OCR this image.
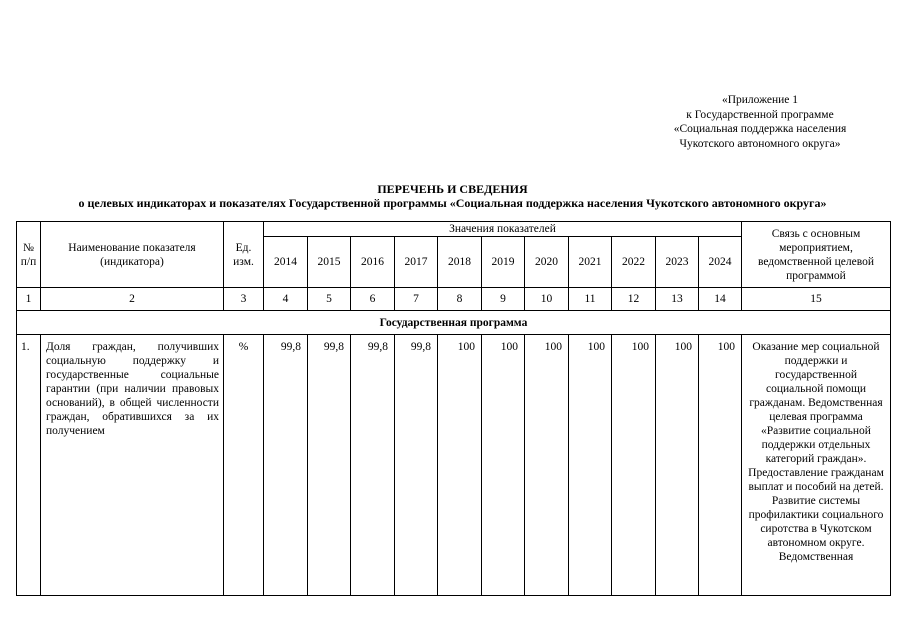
«Приложение 1
к Государственной программе
«Социальная поддержка населения
Чукотского автономного округа»
ПЕРЕЧЕНЬ И СВЕДЕНИЯ
о целевых индикаторах и показателях Государственной программы «Социальная поддержка населения Чукотского автономного округа»
№ п/п	Наименование показателя (индикатора)	Ед. изм.	Значения показателей											Связь с основным мероприятием, ведомственной целевой программой
			2014	2015	2016	2017	2018	2019	2020	2021	2022	2023	2024	
1	2	3	4	5	6	7	8	9	10	11	12	13	14	15
Государственная программа														
1.	Доля граждан, получивших социальную поддержку и государственные социальные гарантии (при наличии правовых оснований), в общей численности граждан, обратившихся за их получением	%	99,8	99,8	99,8	99,8	100	100	100	100	100	100	100	Оказание мер социальной поддержки и государственной социальной помощи гражданам. Ведомственная целевая программа «Развитие социальной поддержки отдельных категорий граждан». Предоставление гражданам выплат и пособий на детей. Развитие системы профилактики социального сиротства в Чукотском автономном округе. Ведомственная
